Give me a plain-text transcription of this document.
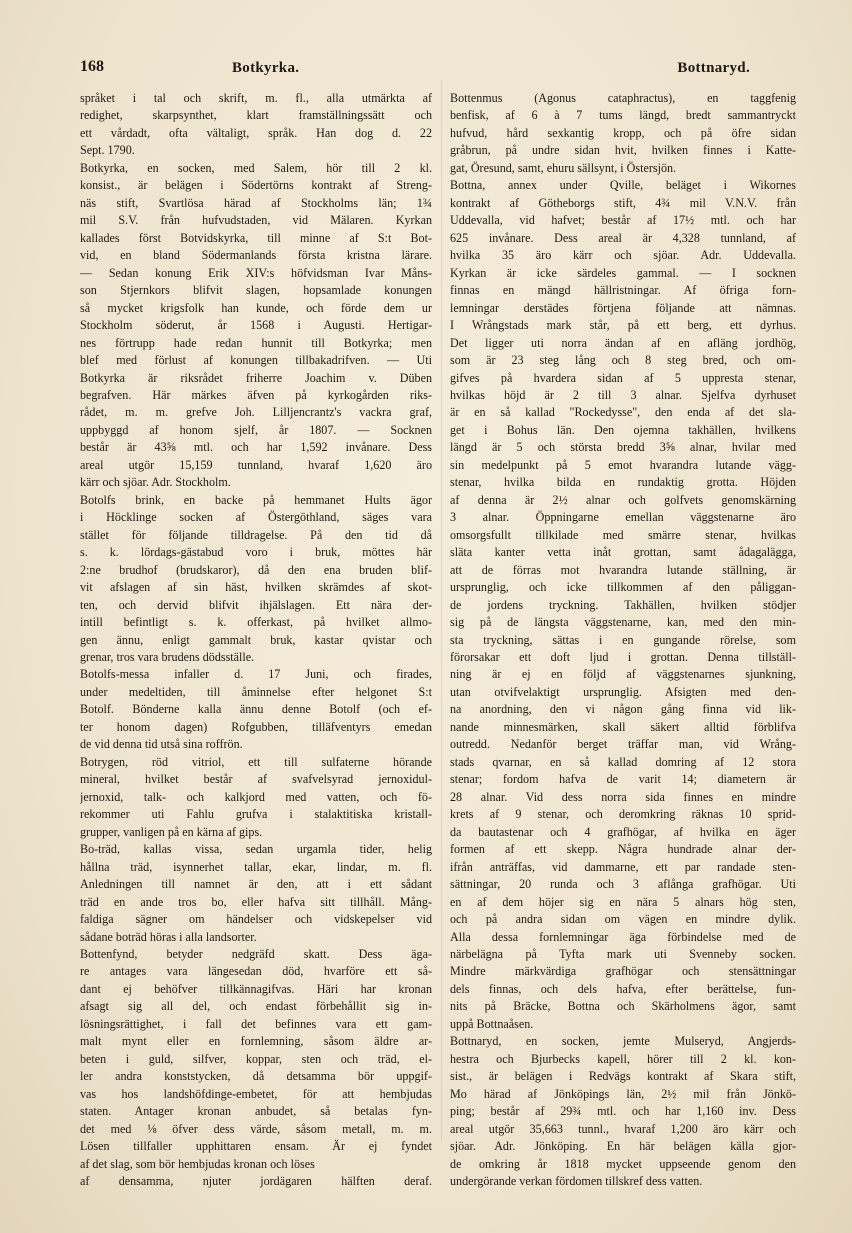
168	Botkyrka.	Bottnaryd.
språket i tal och skrift, m. fl., alla utmärkta af
redighet, skarpsynthet, klart framställningssätt och
ett vårdadt, ofta vältaligt, språk. Han dog d. 22
Sept. 1790.
Botkyrka, en socken, med Salem, hör till 2 kl.
konsist., är belägen i Södertörns kontrakt af Streng-
näs stift, Svartlösa härad af Stockholms län; 1¾
mil S.V. från hufvudstaden, vid Mälaren. Kyrkan
kallades först Botvidskyrka, till minne af S:t Bot-
vid, en bland Södermanlands första kristna lärare.
— Sedan konung Erik XIV:s höfvidsman Ivar Måns-
son Stjernkors blifvit slagen, hopsamlade konungen
så mycket krigsfolk han kunde, och förde dem ur
Stockholm söderut, år 1568 i Augusti. Hertigar-
nes förtrupp hade redan hunnit till Botkyrka; men
blef med förlust af konungen tillbakadrifven. — Uti
Botkyrka är riksrådet friherre Joachim v. Düben
begrafven. Här märkes äfven på kyrkogården riks-
rådet, m. m. grefve Joh. Lilljencrantz's vackra graf,
uppbyggd af honom sjelf, år 1807. — Socknen
består är 43⅝ mtl. och har 1,592 invånare. Dess
areal utgör 15,159 tunnland, hvaraf 1,620 äro
kärr och sjöar. Adr. Stockholm.
Botolfs brink, en backe på hemmanet Hults ägor
i Höcklinge socken af Östergöthland, säges vara
stället för följande tilldragelse. På den tid då
s. k. lördags-gästabud voro i bruk, möttes här
2:ne brudhof (brudskaror), då den ena bruden blif-
vit afslagen af sin häst, hvilken skrämdes af skot-
ten, och dervid blifvit ihjälslagen. Ett nära der-
intill befintligt s. k. offerkast, på hvilket allmo-
gen ännu, enligt gammalt bruk, kastar qvistar och
grenar, tros vara brudens dödsställe.
Botolfs-messa infaller d. 17 Juni, och firades,
under medeltiden, till åminnelse efter helgonet S:t
Botolf. Bönderne kalla ännu denne Botolf (och ef-
ter honom dagen) Rofgubben, tilläfventyrs emedan
de vid denna tid utså sina roffrön.
Botrygen, röd vitriol, ett till sulfaterne hörande
mineral, hvilket består af svafvelsyrad jernoxidul-
jernoxid, talk- och kalkjord med vatten, och fö-
rekommer uti Fahlu grufva i stalaktitiska kristall-
grupper, vanligen på en kärna af gips.
Bo-träd, kallas vissa, sedan urgamla tider, helig
hållna träd, isynnerhet tallar, ekar, lindar, m. fl.
Anledningen till namnet är den, att i ett sådant
träd en ande tros bo, eller hafva sitt tillhåll. Mång-
faldiga sägner om händelser och vidskepelser vid
sådane boträd höras i alla landsorter.
Bottenfynd, betyder nedgräfd skatt. Dess äga-
re antages vara längesedan död, hvarföre ett så-
dant ej behöfver tillkännagifvas. Häri har kronan
afsagt sig all del, och endast förbehållit sig in-
lösningsrättighet, i fall det befinnes vara ett gam-
malt mynt eller en fornlemning, såsom äldre ar-
beten i guld, silfver, koppar, sten och träd, el-
ler andra konststycken, då detsamma bör uppgif-
vas hos landshöfdinge-embetet, för att hembjudas
staten. Antager kronan anbudet, så betalas fyn-
det med ⅛ öfver dess värde, såsom metall, m. m.
Lösen tillfaller upphittaren ensam. Är ej fyndet
af det slag, som bör hembjudas kronan och löses
af densamma, njuter jordägaren hälften deraf.
Bottenmus (Agonus cataphractus), en taggfenig
benfisk, af 6 à 7 tums längd, bredt sammantryckt
hufvud, hård sexkantig kropp, och på öfre sidan
gråbrun, på undre sidan hvit, hvilken finnes i Katte-
gat, Öresund, samt, ehuru sällsynt, i Östersjön.
Bottna, annex under Qville, beläget i Wikornes
kontrakt af Götheborgs stift, 4¾ mil V.N.V. från
Uddevalla, vid hafvet; består af 17½ mtl. och har
625 invånare. Dess areal är 4,328 tunnland, af
hvilka 35 äro kärr och sjöar. Adr. Uddevalla.
Kyrkan är icke särdeles gammal. — I socknen
finnas en mängd hällristningar. Af öfriga forn-
lemningar derstädes förtjena följande att nämnas.
I Wrångstads mark står, på ett berg, ett dyrhus.
Det ligger uti norra ändan af en afläng jordhög,
som är 23 steg lång och 8 steg bred, och om-
gifves på hvardera sidan af 5 uppresta stenar,
hvilkas höjd är 2 till 3 alnar. Sjelfva dyrhuset
är en så kallad "Rockedysse", den enda af det sla-
get i Bohus län. Den ojemna takhällen, hvilkens
längd är 5 och största bredd 3⅝ alnar, hvilar med
sin medelpunkt på 5 emot hvarandra lutande vägg-
stenar, hvilka bilda en rundaktig grotta. Höjden
af denna är 2½ alnar och golfvets genomskärning
3 alnar. Öppningarne emellan väggstenarne äro
omsorgsfullt tillkilade med smärre stenar, hvilkas
släta kanter vetta inåt grottan, samt ådagalägga,
att de förras mot hvarandra lutande ställning, är
ursprunglig, och icke tillkommen af den påliggan-
de jordens tryckning. Takhällen, hvilken stödjer
sig på de längsta väggstenarne, kan, med den min-
sta tryckning, sättas i en gungande rörelse, som
förorsakar ett doft ljud i grottan. Denna tillställ-
ning är ej en följd af väggstenarnes sjunkning,
utan otvifvelaktigt ursprunglig. Afsigten med den-
na anordning, den vi någon gång finna vid lik-
nande minnesmärken, skall säkert alltid förblifva
outredd. Nedanför berget träffar man, vid Wrång-
stads qvarnar, en så kallad domring af 12 stora
stenar; fordom hafva de varit 14; diametern är
28 alnar. Vid dess norra sida finnes en mindre
krets af 9 stenar, och deromkring räknas 10 sprid-
da bautastenar och 4 grafhögar, af hvilka en äger
formen af ett skepp. Några hundrade alnar der-
ifrån anträffas, vid dammarne, ett par randade sten-
sättningar, 20 runda och 3 aflånga grafhögar. Uti
en af dem höjer sig en nära 5 alnars hög sten,
och på andra sidan om vägen en mindre dylik.
Alla dessa fornlemningar äga förbindelse med de
närbelägna på Tyfta mark uti Svenneby socken.
Mindre märkvärdiga grafhögar och stensättningar
dels finnas, och dels hafva, efter berättelse, fun-
nits på Bräcke, Bottna och Skärholmens ägor, samt
uppå Bottnaåsen.
Bottnaryd, en socken, jemte Mulseryd, Angjerds-
hestra och Bjurbecks kapell, hörer till 2 kl. kon-
sist., är belägen i Redvägs kontrakt af Skara stift,
Mo härad af Jönköpings län, 2½ mil från Jönkö-
ping; består af 29¾ mtl. och har 1,160 inv. Dess
areal utgör 35,663 tunnl., hvaraf 1,200 äro kärr och
sjöar. Adr. Jönköping. En här belägen källa gjor-
de omkring år 1818 mycket uppseende genom den
undergörande verkan fördomen tillskref dess vatten.
